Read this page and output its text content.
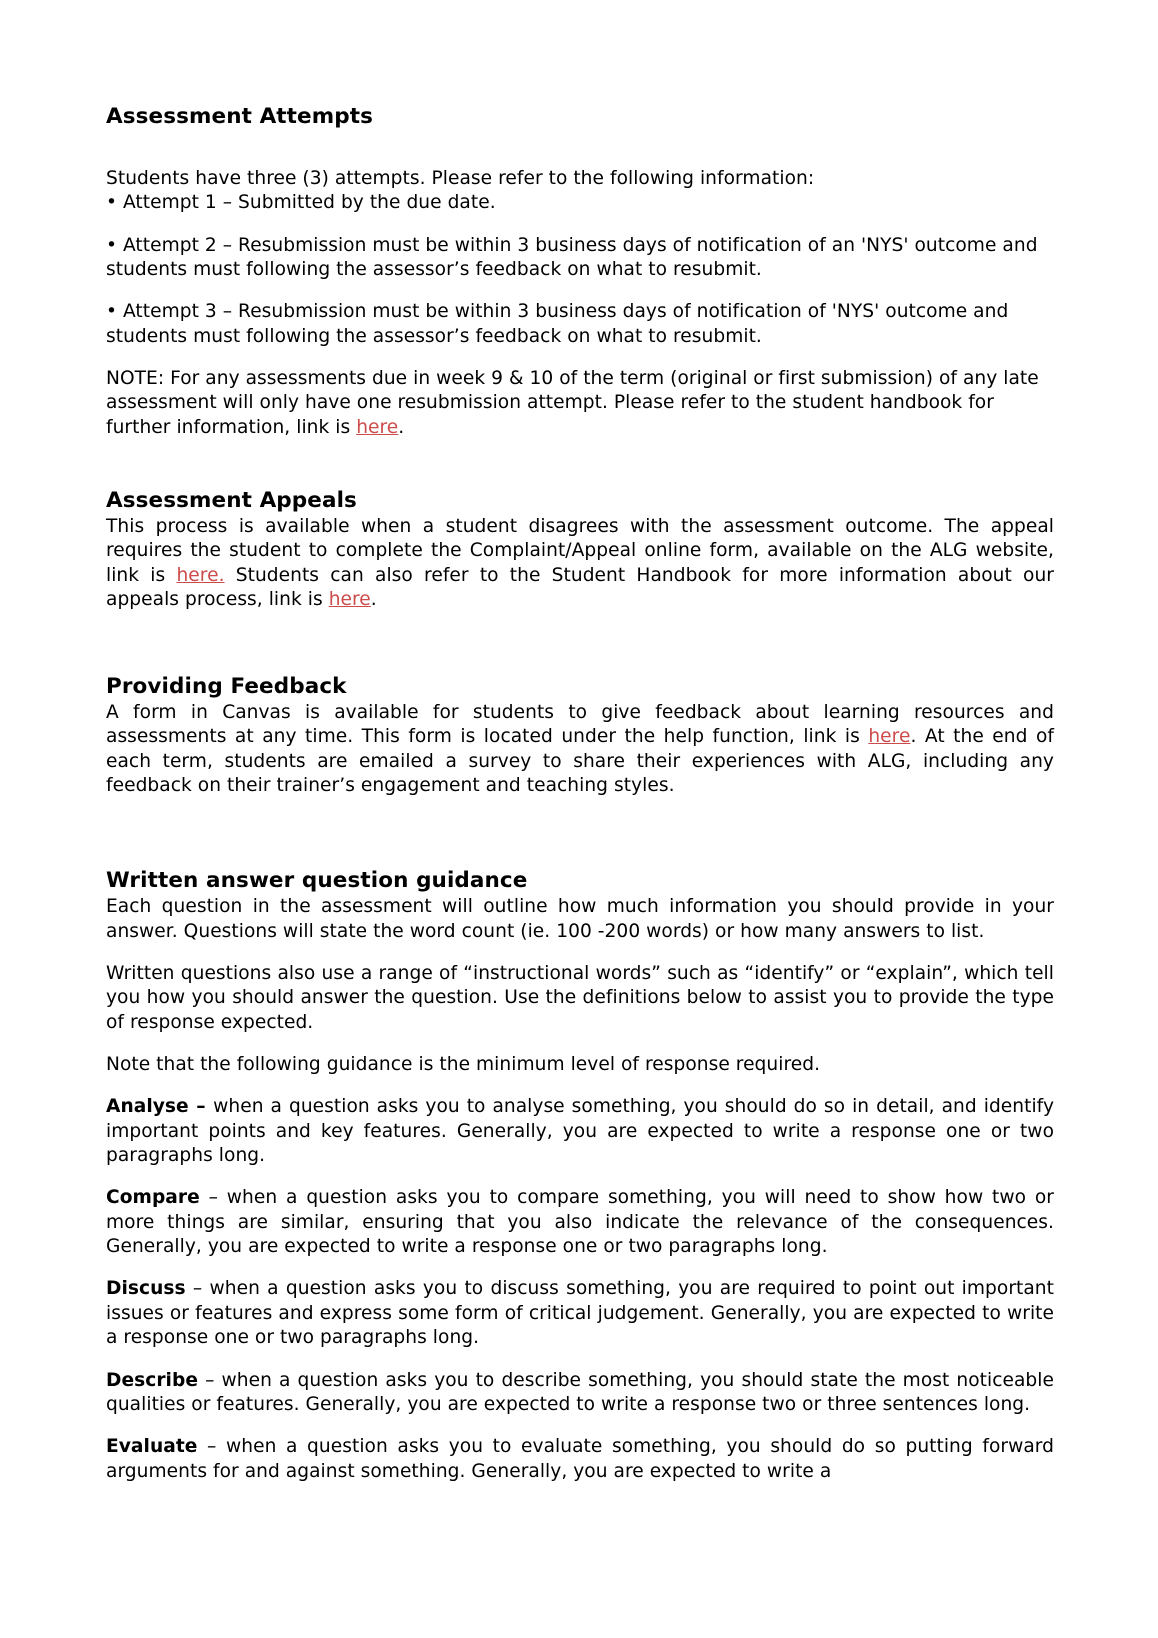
Assessment Attempts

Students have three (3) attempts. Please refer to the following information:

• Attempt 1 – Submitted by the due date.

• Attempt 2 – Resubmission must be within 3 business days of notification of an 'NYS' outcome and students must following the assessor’s feedback on what to resubmit.

• Attempt 3 – Resubmission must be within 3 business days of notification of 'NYS' outcome and students must following the assessor’s feedback on what to resubmit.

NOTE: For any assessments due in week 9 & 10 of the term (original or first submission) of any late assessment will only have one resubmission attempt. Please refer to the student handbook for further information, link is here.

Assessment Appeals

This process is available when a student disagrees with the assessment outcome. The appeal requires the student to complete the Complaint/Appeal online form, available on the ALG website, link is here. Students can also refer to the Student Handbook for more information about our appeals process, link is here.

Providing Feedback

A form in Canvas is available for students to give feedback about learning resources and assessments at any time. This form is located under the help function, link is here. At the end of each term, students are emailed a survey to share their experiences with ALG, including any feedback on their trainer’s engagement and teaching styles.

Written answer question guidance

Each question in the assessment will outline how much information you should provide in your answer. Questions will state the word count (ie. 100 -200 words) or how many answers to list.

Written questions also use a range of “instructional words” such as “identify” or “explain”, which tell you how you should answer the question. Use the definitions below to assist you to provide the type of response expected.

Note that the following guidance is the minimum level of response required.

Analyse – when a question asks you to analyse something, you should do so in detail, and identify important points and key features. Generally, you are expected to write a response one or two paragraphs long.

Compare – when a question asks you to compare something, you will need to show how two or more things are similar, ensuring that you also indicate the relevance of the consequences. Generally, you are expected to write a response one or two paragraphs long.

Discuss – when a question asks you to discuss something, you are required to point out important issues or features and express some form of critical judgement. Generally, you are expected to write a response one or two paragraphs long.

Describe – when a question asks you to describe something, you should state the most noticeable qualities or features. Generally, you are expected to write a response two or three sentences long.

Evaluate – when a question asks you to evaluate something, you should do so putting forward arguments for and against something. Generally, you are expected to write a
